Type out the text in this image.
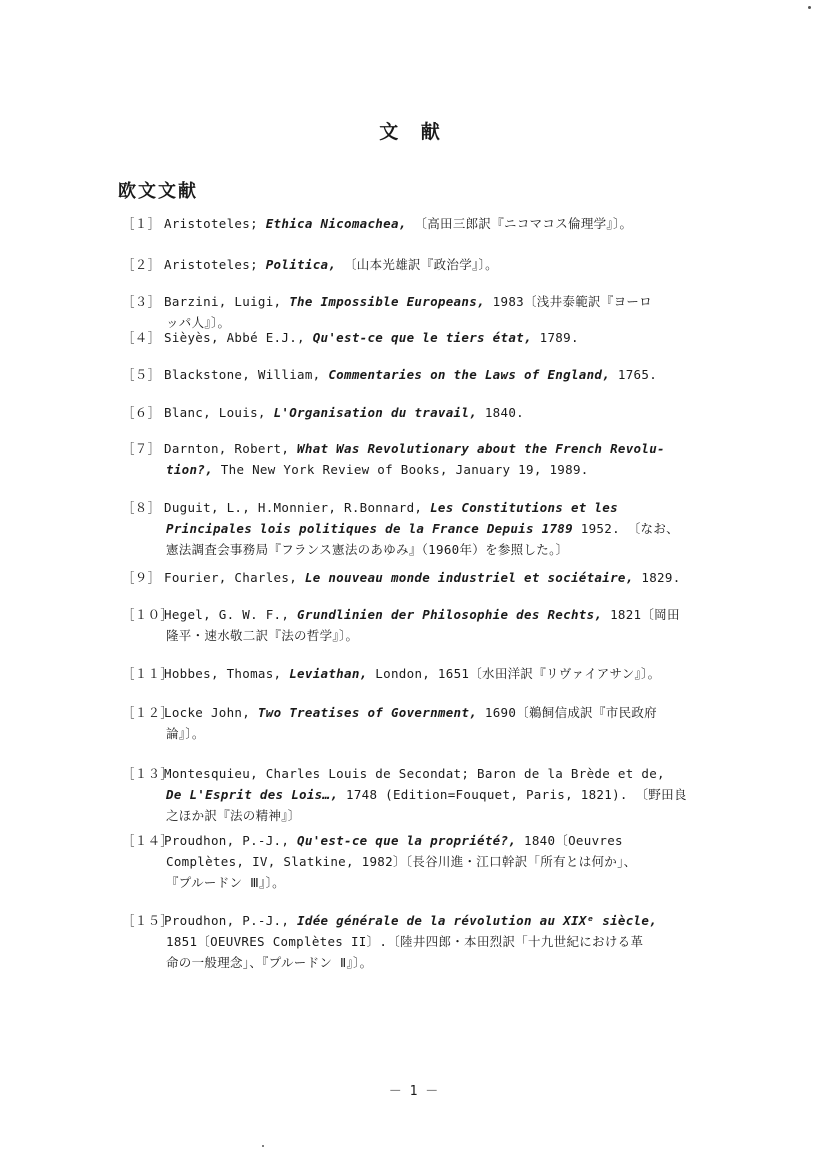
文 献
欧文文献
［１］ Aristoteles; Ethica Nicomachea, 〔高田三郎訳『ニコマコス倫理学』〕。
［２］ Aristoteles; Politica, 〔山本光雄訳『政治学』〕。
［３］ Barzini, Luigi, The Impossible Europeans, 1983〔浅井泰範訳『ヨーロ
ッパ人』〕。
［４］ Sièyès, Abbé E.J., Qu'est-ce que le tiers état, 1789.
［５］ Blackstone, William, Commentaries on the Laws of England, 1765.
［６］ Blanc, Louis, L'Organisation du travail, 1840.
［７］ Darnton, Robert, What Was Revolutionary about the French Revolu-
tion?, The New York Review of Books, January 19, 1989.
［８］ Duguit, L., H.Monnier, R.Bonnard, Les Constitutions et les
Principales lois politiques de la France Depuis 1789 1952. 〔なお、
憲法調査会事務局『フランス憲法のあゆみ』（1960年）を参照した。〕
［９］ Fourier, Charles, Le nouveau monde industriel et sociétaire, 1829.
［１０］Hegel, G. W. F., Grundlinien der Philosophie des Rechts, 1821〔岡田
隆平・速水敬二訳『法の哲学』〕。
［１１］Hobbes, Thomas, Leviathan, London, 1651〔水田洋訳『リヴァイアサン』〕。
［１２］Locke John, Two Treatises of Government, 1690〔鵜飼信成訳『市民政府
論』〕。
［１３］Montesquieu, Charles Louis de Secondat; Baron de la Brède et de,
De L'Esprit des Lois…, 1748 (Edition=Fouquet, Paris, 1821). 〔野田良
之ほか訳『法の精神』〕
［１４］Proudhon, P.-J., Qu'est-ce que la propriété?, 1840〔Oeuvres
Complètes, IV, Slatkine, 1982〕〔長谷川進・江口幹訳「所有とは何か」、
『プルードン Ⅲ』〕。
［１５］Proudhon, P.-J., Idée générale de la révolution au XIXᵉ siècle,
1851〔OEUVRES Complètes II〕.〔陸井四郎・本田烈訳「十九世紀における革
命の一般理念」、『プルードン Ⅱ』〕。
－ 1 －
